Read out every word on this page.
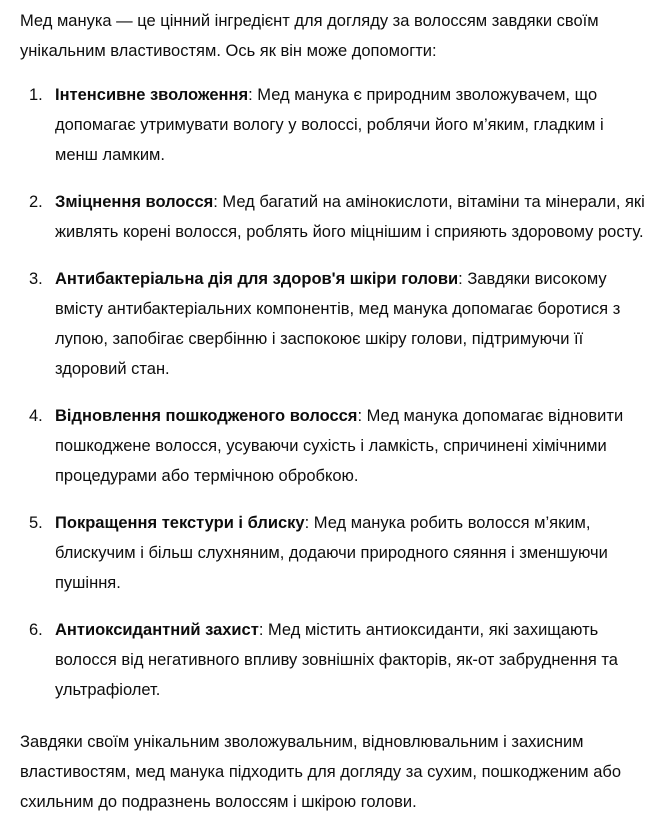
Мед манука — це цінний інгредієнт для догляду за волоссям завдяки своїм унікальним властивостям. Ось як він може допомогти:

1. Інтенсивне зволоження: Мед манука є природним зволожувачем, що допомагає утримувати вологу у волоссі, роблячи його м’яким, гладким і менш ламким.
2. Зміцнення волосся: Мед багатий на амінокислоти, вітаміни та мінерали, які живлять корені волосся, роблять його міцнішим і сприяють здоровому росту.
3. Антибактеріальна дія для здоров'я шкіри голови: Завдяки високому вмісту антибактеріальних компонентів, мед манука допомагає боротися з лупою, запобігає свербінню і заспокоює шкіру голови, підтримуючи її здоровий стан.
4. Відновлення пошкодженого волосся: Мед манука допомагає відновити пошкоджене волосся, усуваючи сухість і ламкість, спричинені хімічними процедурами або термічною обробкою.
5. Покращення текстури і блиску: Мед манука робить волосся м’яким, блискучим і більш слухняним, додаючи природного сяяння і зменшуючи пушіння.
6. Антиоксидантний захист: Мед містить антиоксиданти, які захищають волосся від негативного впливу зовнішніх факторів, як-от забруднення та ультрафіолет.

Завдяки своїм унікальним зволожувальним, відновлювальним і захисним властивостям, мед манука підходить для догляду за сухим, пошкодженим або схильним до подразнень волоссям і шкірою голови.
